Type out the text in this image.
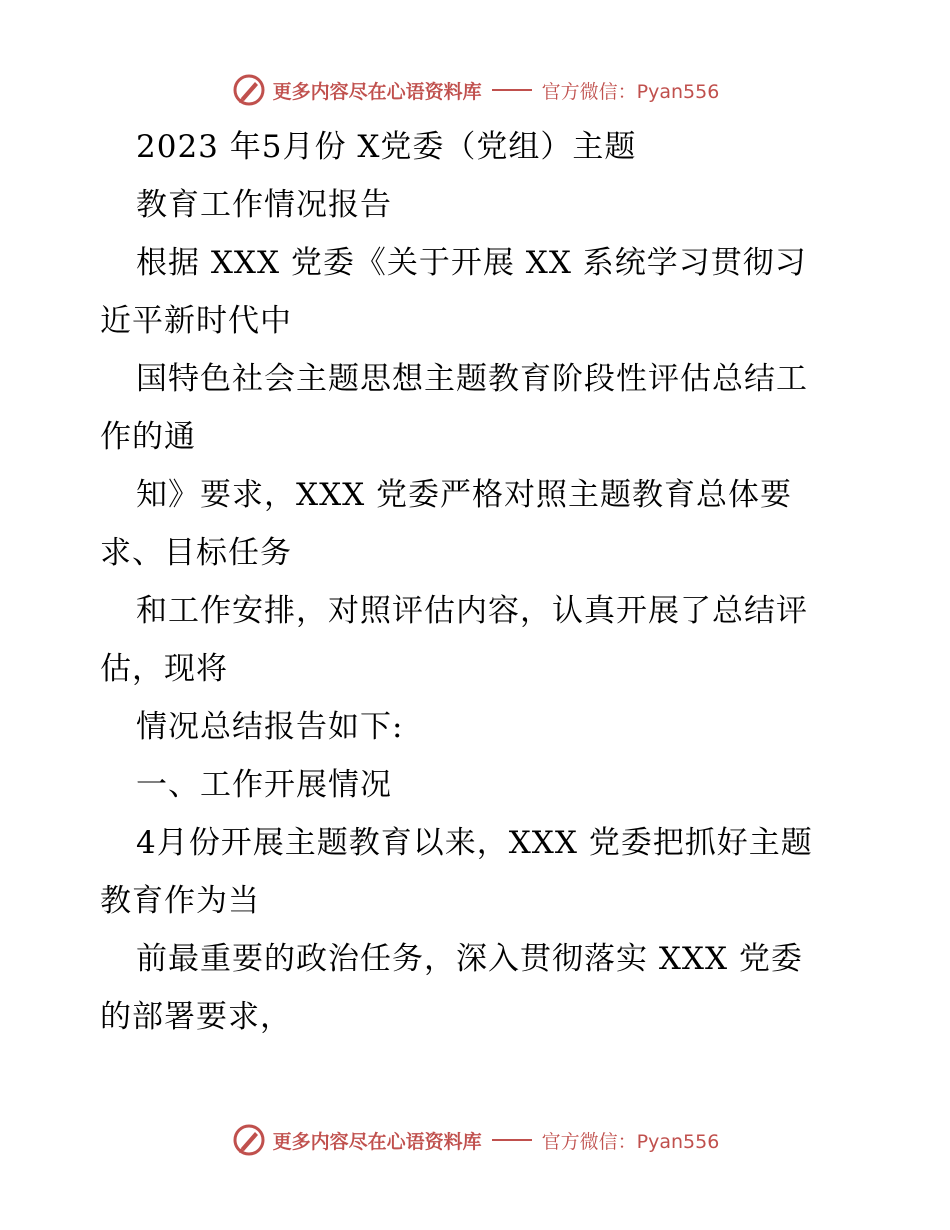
更多内容尽在心语资料库	官方微信：Pyan556
2023 年5月份 X党委（党组）主题
教育工作情况报告
根据 XXX 党委《关于开展 XX 系统学习贯彻习
近平新时代中
国特色社会主题思想主题教育阶段性评估总结工
作的通
知》要求，XXX 党委严格对照主题教育总体要
求、目标任务
和工作安排，对照评估内容，认真开展了总结评
估，现将
情况总结报告如下:
一、工作开展情况
4月份开展主题教育以来，XXX 党委把抓好主题
教育作为当
前最重要的政治任务，深入贯彻落实 XXX 党委
的部署要求，
更多内容尽在心语资料库	官方微信：Pyan556
